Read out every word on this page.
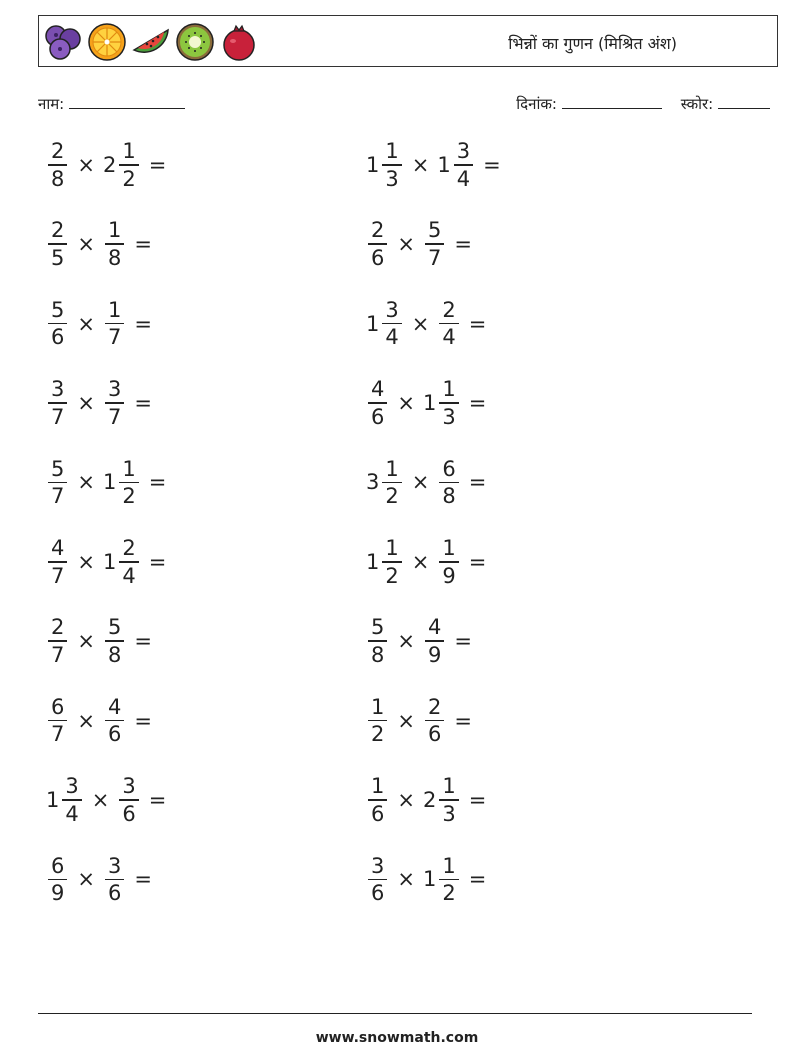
भिन्नों का गुणन (मिश्रित अंश)
नाम:	दिनांक:	स्कोर:
$\frac{2}{8} \times 2 \frac{1}{2}$ =	$1 \frac{1}{3} \times 1 \frac{3}{4}$ =
$\frac{2}{5} \times \frac{1}{8}$ =	$\frac{2}{6} \times \frac{5}{7}$ =
$\frac{5}{6} \times \frac{1}{7}$ =	$1 \frac{3}{4} \times \frac{2}{4}$ =
$\frac{3}{7} \times \frac{3}{7}$ =	$\frac{4}{6} \times 1 \frac{1}{3}$ =
$\frac{5}{7} \times 1 \frac{1}{2}$ =	$3 \frac{1}{2} \times \frac{6}{8}$ =
$\frac{4}{7} \times 1 \frac{2}{4}$ =	$1 \frac{1}{2} \times \frac{1}{9}$ =
$\frac{2}{7} \times \frac{5}{8}$ =	$\frac{5}{8} \times \frac{4}{9}$ =
$\frac{6}{7} \times \frac{4}{6}$ =	$\frac{1}{2} \times \frac{2}{6}$ =
$1 \frac{3}{4} \times \frac{3}{6}$ =	$\frac{1}{6} \times 2 \frac{1}{3}$ =
$\frac{6}{9} \times \frac{3}{6}$ =	$\frac{3}{6} \times 1 \frac{1}{2}$ =
www.snowmath.com
